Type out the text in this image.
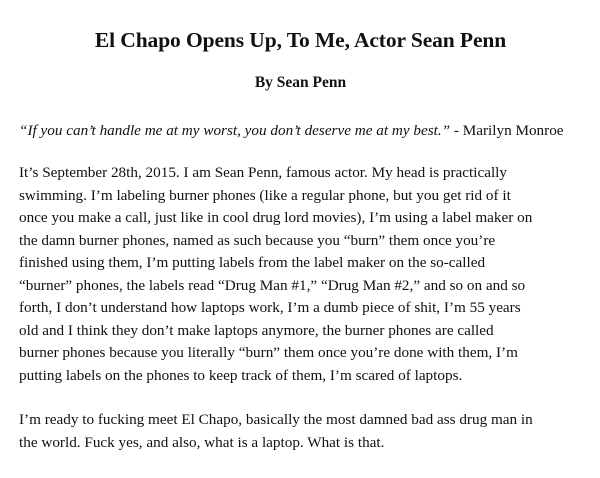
El Chapo Opens Up, To Me, Actor Sean Penn

By Sean Penn

“If you can’t handle me at my worst, you don’t deserve me at my best.” - Marilyn Monroe

It’s September 28th, 2015. I am Sean Penn, famous actor. My head is practically
swimming. I’m labeling burner phones (like a regular phone, but you get rid of it
once you make a call, just like in cool drug lord movies), I’m using a label maker on
the damn burner phones, named as such because you “burn” them once you’re
finished using them, I’m putting labels from the label maker on the so-called
“burner” phones, the labels read “Drug Man #1,” “Drug Man #2,” and so on and so
forth, I don’t understand how laptops work, I’m a dumb piece of shit, I’m 55 years
old and I think they don’t make laptops anymore, the burner phones are called
burner phones because you literally “burn” them once you’re done with them, I’m
putting labels on the phones to keep track of them, I’m scared of laptops.

I’m ready to fucking meet El Chapo, basically the most damned bad ass drug man in
the world. Fuck yes, and also, what is a laptop. What is that.
